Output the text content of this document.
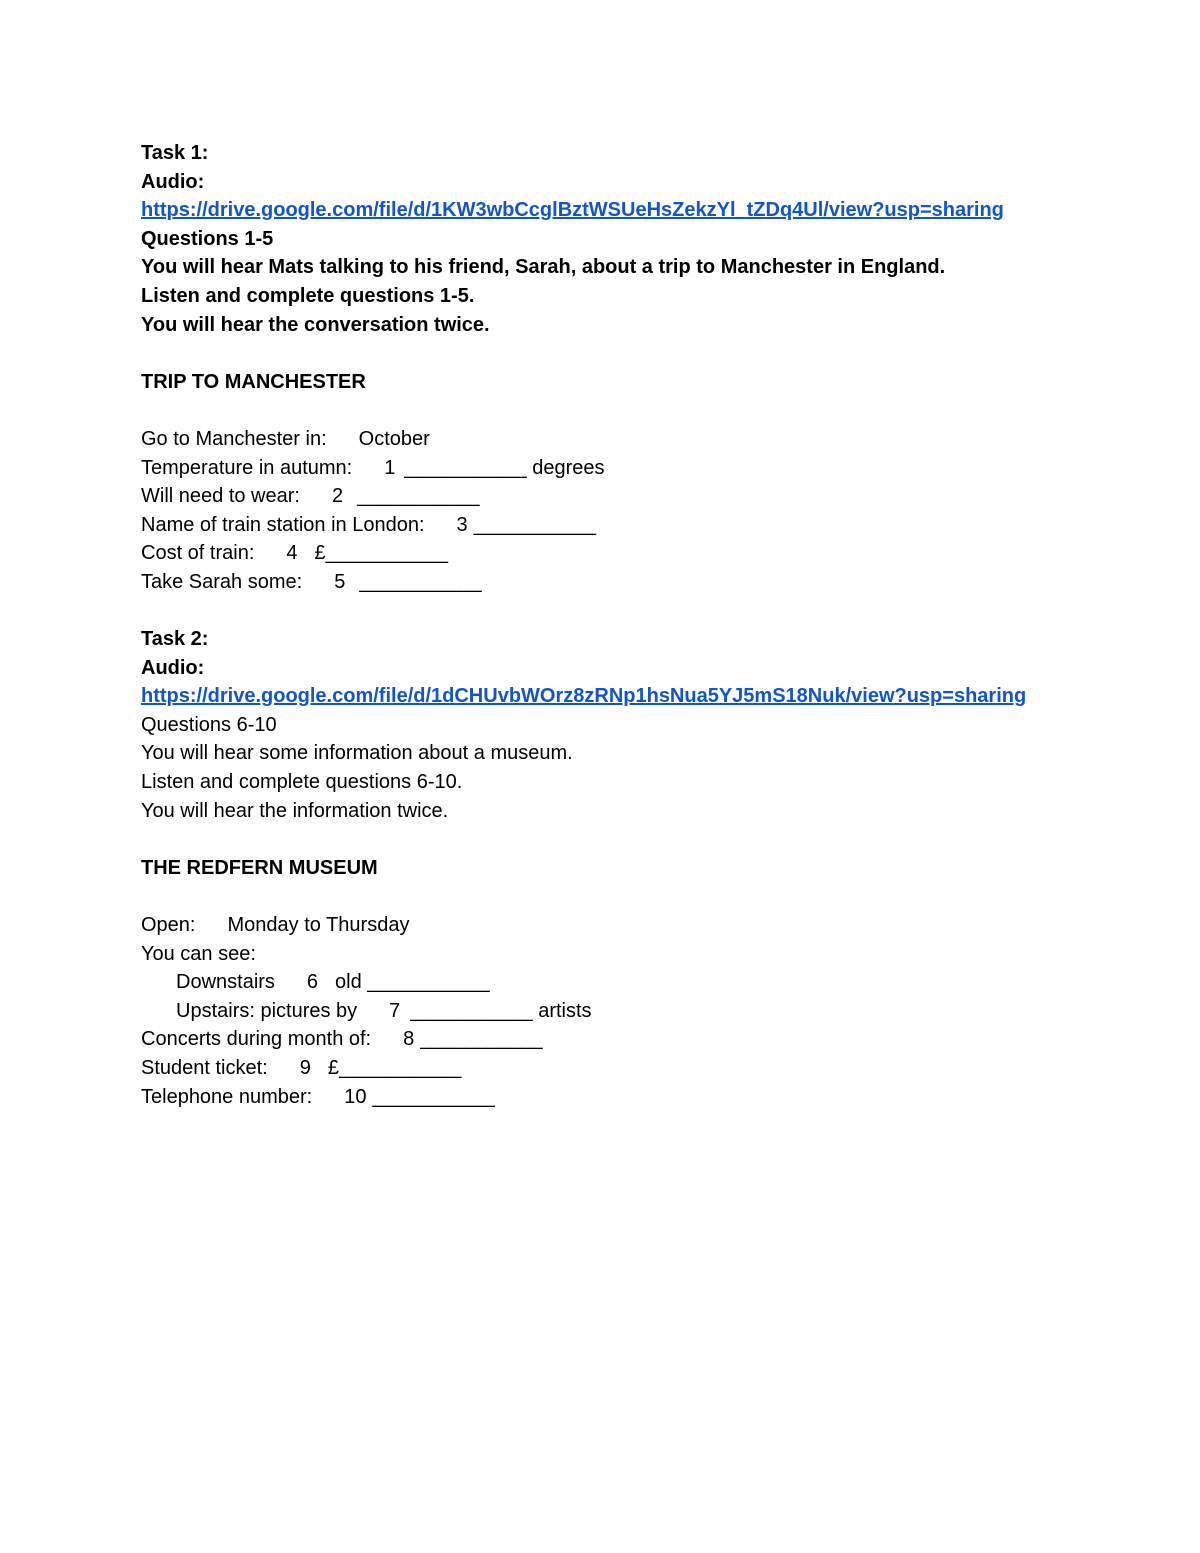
Task 1:
Audio:
https://drive.google.com/file/d/1KW3wbCcglBztWSUeHsZekzYl_tZDq4Ul/view?usp=sharing
Questions 1-5
You will hear Mats talking to his friend, Sarah, about a trip to Manchester in England.
Listen and complete questions 1-5.
You will hear the conversation twice.
TRIP TO MANCHESTER
Go to Manchester in: October
Temperature in autumn: 1 ___________ degrees
Will need to wear: 2 ___________
Name of train station in London: 3 ___________
Cost of train: 4 £___________
Take Sarah some: 5 ___________
Task 2:
Audio:
https://drive.google.com/file/d/1dCHUvbWOrz8zRNp1hsNua5YJ5mS18Nuk/view?usp=sharing
Questions 6-10
You will hear some information about a museum.
Listen and complete questions 6-10.
You will hear the information twice.
THE REDFERN MUSEUM
Open: Monday to Thursday
You can see:
Downstairs 6 old ___________
Upstairs: pictures by 7 ___________ artists
Concerts during month of: 8 ___________
Student ticket: 9 £___________
Telephone number: 10 ___________
